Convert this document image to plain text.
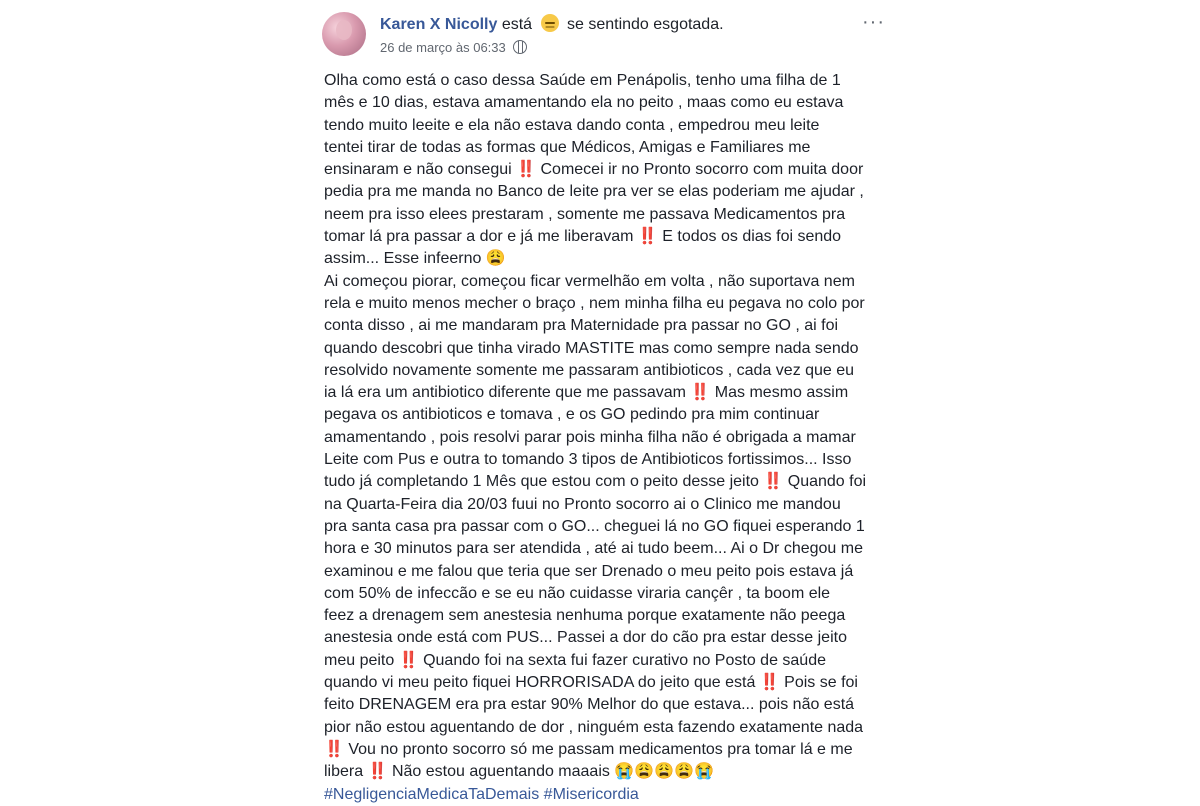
Karen X Nicolly está se sentindo esgotada.
26 de março às 06:33
···

Olha como está o caso dessa Saúde em Penápolis, tenho uma filha de 1
mês e 10 dias, estava amamentando ela no peito , maas como eu estava
tendo muito leeite e ela não estava dando conta , empedrou meu leite
tentei tirar de todas as formas que Médicos, Amigas e Familiares me
ensinaram e não consegui ‼️ Comecei ir no Pronto socorro com muita door
pedia pra me manda no Banco de leite pra ver se elas poderiam me ajudar ,
neem pra isso elees prestaram , somente me passava Medicamentos pra
tomar lá pra passar a dor e já me liberavam ‼️ E todos os dias foi sendo
assim... Esse infeerno 😩

Ai começou piorar, começou ficar vermelhão em volta , não suportava nem
rela e muito menos mecher o braço , nem minha filha eu pegava no colo por
conta disso , ai me mandaram pra Maternidade pra passar no GO , ai foi
quando descobri que tinha virado MASTITE mas como sempre nada sendo
resolvido novamente somente me passaram antibioticos , cada vez que eu
ia lá era um antibiotico diferente que me passavam ‼️ Mas mesmo assim
pegava os antibioticos e tomava , e os GO pedindo pra mim continuar
amamentando , pois resolvi parar pois minha filha não é obrigada a mamar
Leite com Pus e outra to tomando 3 tipos de Antibioticos fortissimos... Isso
tudo já completando 1 Mês que estou com o peito desse jeito ‼️ Quando foi
na Quarta-Feira dia 20/03 fuui no Pronto socorro ai o Clinico me mandou
pra santa casa pra passar com o GO... cheguei lá no GO fiquei esperando 1
hora e 30 minutos para ser atendida , até ai tudo beem... Ai o Dr chegou me
examinou e me falou que teria que ser Drenado o meu peito pois estava já
com 50% de infeccão e se eu não cuidasse viraria cançêr , ta boom ele
feez a drenagem sem anestesia nenhuma porque exatamente não peega
anestesia onde está com PUS... Passei a dor do cão pra estar desse jeito
meu peito ‼️ Quando foi na sexta fui fazer curativo no Posto de saúde
quando vi meu peito fiquei HORRORISADA do jeito que está ‼️ Pois se foi
feito DRENAGEM era pra estar 90% Melhor do que estava... pois não está
pior não estou aguentando de dor , ninguém esta fazendo exatamente nada
‼️ Vou no pronto socorro só me passam medicamentos pra tomar lá e me
libera ‼️ Não estou aguentando maaais 😭😩😩😩😭

#NegligenciaMedicaTaDemais #Misericordia
